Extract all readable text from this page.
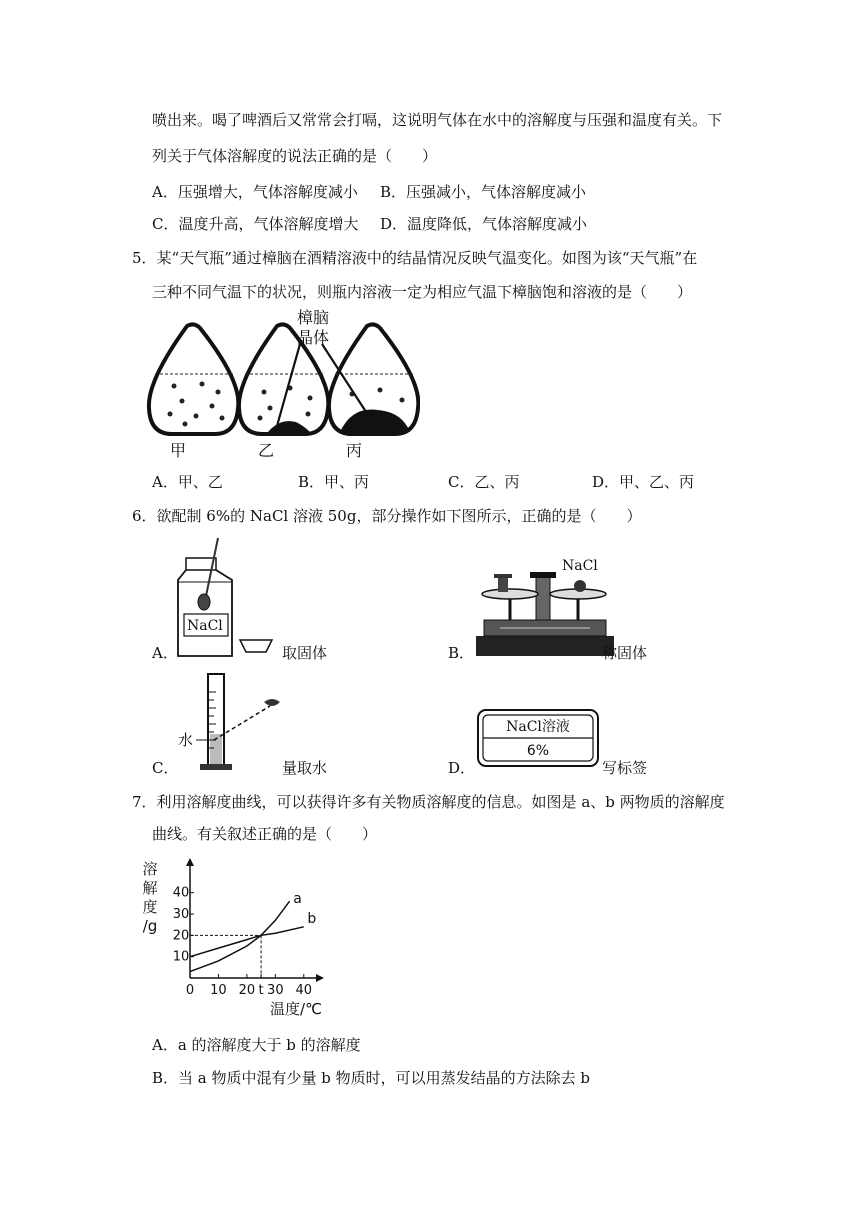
喷出来。喝了啤酒后又常常会打嗝，这说明气体在水中的溶解度与压强和温度有关。下
列关于气体溶解度的说法正确的是（　　）
A．压强增大，气体溶解度减小 B．压强减小，气体溶解度减小
C．温度升高，气体溶解度增大 D．温度降低，气体溶解度减小
5．某“天气瓶”通过樟脑在酒精溶液中的结晶情况反映气温变化。如图为该“天气瓶”在
三种不同气温下的状况，则瓶内溶液一定为相应气温下樟脑饱和溶液的是（　　）
樟脑
晶体
甲	乙	丙
A．甲、乙	B．甲、丙	C．乙、丙	D．甲、乙、丙
6．欲配制 6%的 NaCl 溶液 50g，部分操作如下图所示，正确的是（　　）
NaCl
A．	取固体
NaCl
B．	称固体
水
C．	量取水
NaCl溶液
6%
D．	写标签
7．利用溶解度曲线，可以获得许多有关物质溶解度的信息。如图是 a、b 两物质的溶解度
曲线。有关叙述正确的是（　　）
溶
解
度
/g
温度/℃
10
20
30
40
0 10 20 t 30 40
a
b
A．a 的溶解度大于 b 的溶解度
B．当 a 物质中混有少量 b 物质时，可以用蒸发结晶的方法除去 b
